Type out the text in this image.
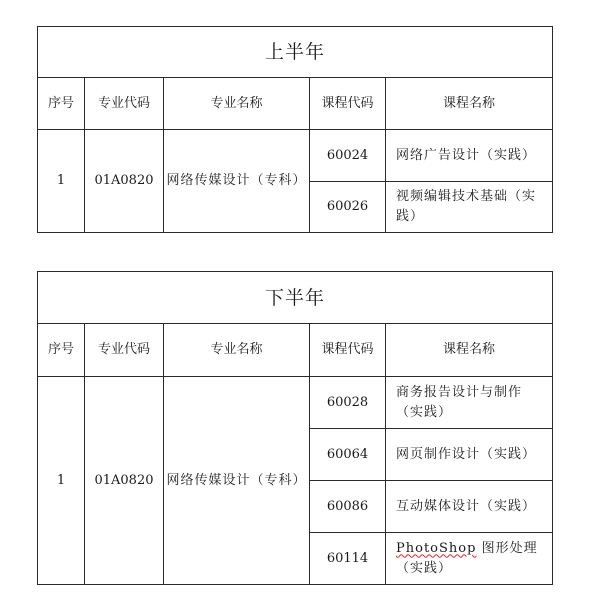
上半年				
序号	专业代码	专业名称	课程代码	课程名称
1	01A0820	网络传媒设计（专科）	60024	网络广告设计（实践）
			60026	视频编辑技术基础（实践）
下半年				
序号	专业代码	专业名称	课程代码	课程名称
1	01A0820	网络传媒设计（专科）	60028	商务报告设计与制作（实践）
			60064	网页制作设计（实践）
			60086	互动媒体设计（实践）
			60114	PhotoShop 图形处理（实践）
